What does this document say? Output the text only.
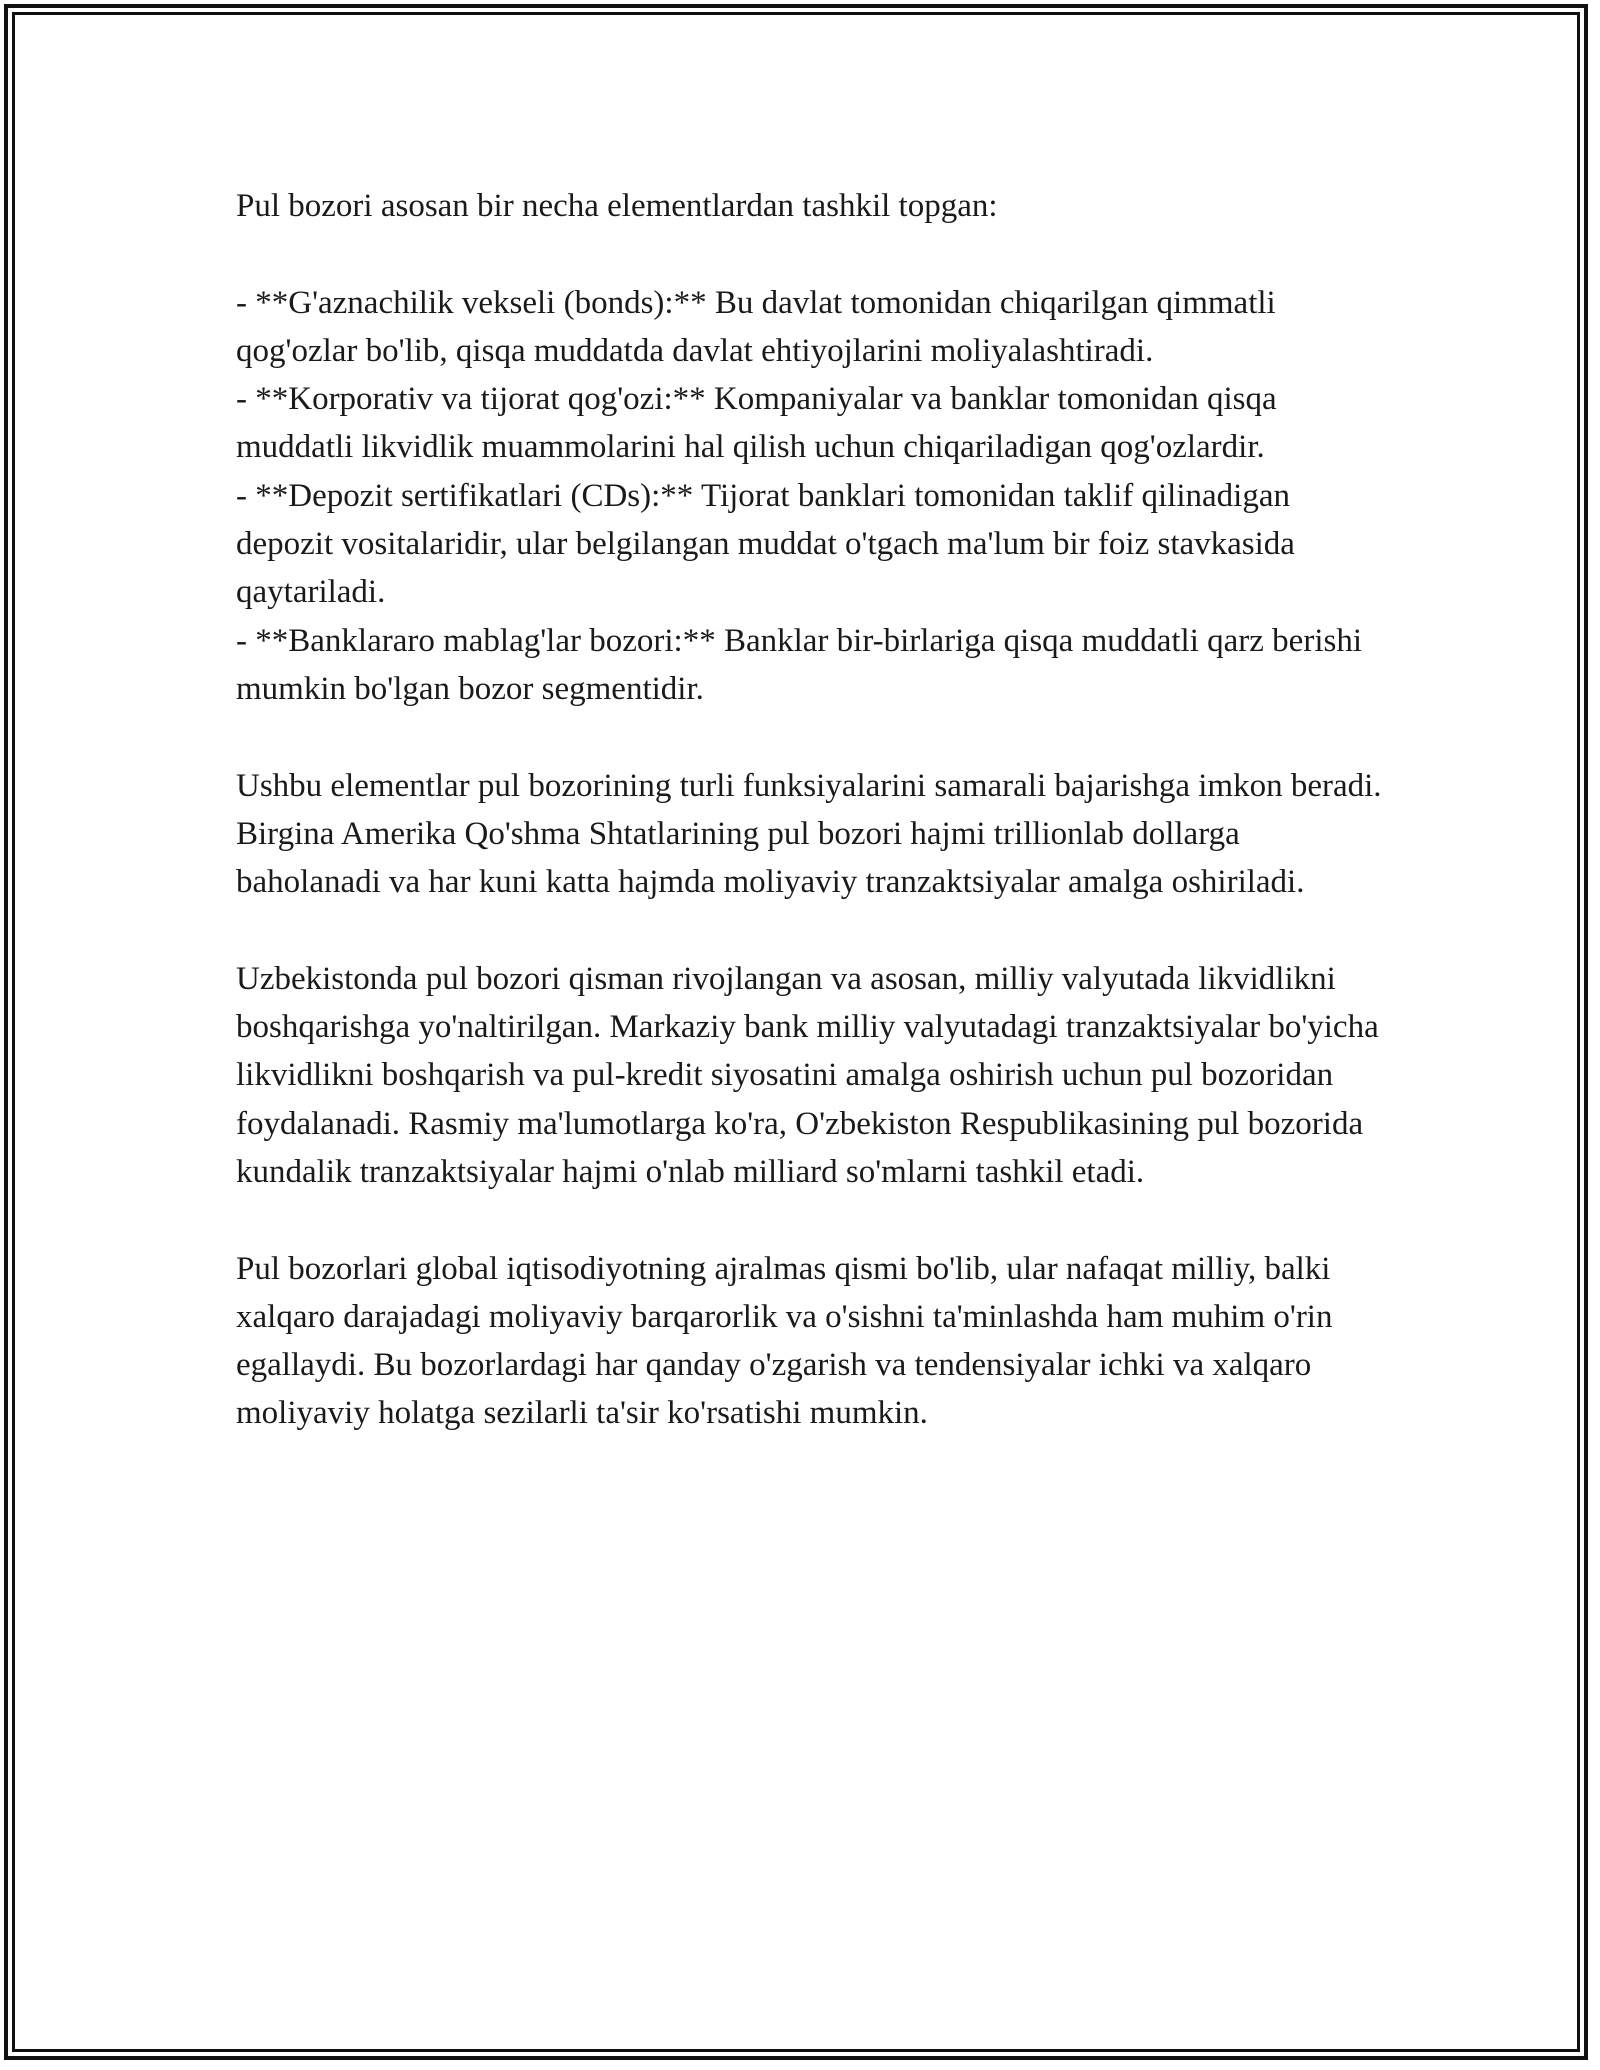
Pul bozori asosan bir necha elementlardan tashkil topgan:

- **G'aznachilik vekseli (bonds):** Bu davlat tomonidan chiqarilgan qimmatli qog'ozlar bo'lib, qisqa muddatda davlat ehtiyojlarini moliyalashtiradi.
- **Korporativ va tijorat qog'ozi:** Kompaniyalar va banklar tomonidan qisqa muddatli likvidlik muammolarini hal qilish uchun chiqariladigan qog'ozlardir.
- **Depozit sertifikatlari (CDs):** Tijorat banklari tomonidan taklif qilinadigan depozit vositalaridir, ular belgilangan muddat o'tgach ma'lum bir foiz stavkasida qaytariladi.
- **Banklararo mablag'lar bozori:** Banklar bir-birlariga qisqa muddatli qarz berishi mumkin bo'lgan bozor segmentidir.

Ushbu elementlar pul bozorining turli funksiyalarini samarali bajarishga imkon beradi. Birgina Amerika Qo'shma Shtatlarining pul bozori hajmi trillionlab dollarga baholanadi va har kuni katta hajmda moliyaviy tranzaktsiyalar amalga oshiriladi.

Uzbekistonda pul bozori qisman rivojlangan va asosan, milliy valyutada likvidlikni boshqarishga yo'naltirilgan. Markaziy bank milliy valyutadagi tranzaktsiyalar bo'yicha likvidlikni boshqarish va pul-kredit siyosatini amalga oshirish uchun pul bozoridan foydalanadi. Rasmiy ma'lumotlarga ko'ra, O'zbekiston Respublikasining pul bozorida kundalik tranzaktsiyalar hajmi o'nlab milliard so'mlarni tashkil etadi.

Pul bozorlari global iqtisodiyotning ajralmas qismi bo'lib, ular nafaqat milliy, balki xalqaro darajadagi moliyaviy barqarorlik va o'sishni ta'minlashda ham muhim o'rin egallaydi. Bu bozorlardagi har qanday o'zgarish va tendensiyalar ichki va xalqaro moliyaviy holatga sezilarli ta'sir ko'rsatishi mumkin.
